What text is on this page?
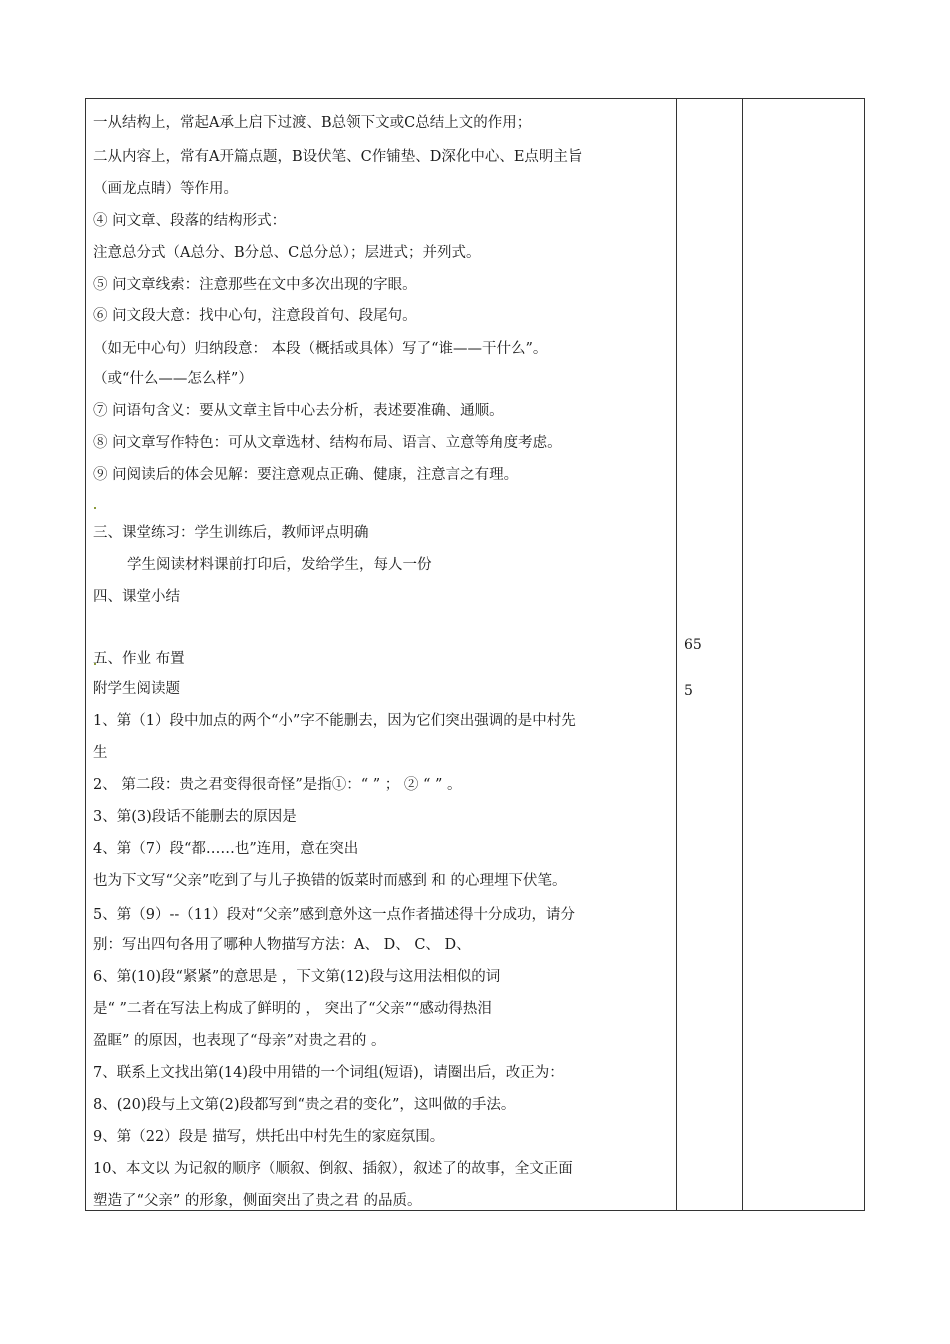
一从结构上，常起A承上启下过渡、B总领下文或C总结上文的作用；
二从内容上，常有A开篇点题，B设伏笔、C作铺垫、D深化中心、E点明主旨
（画龙点睛）等作用。
④ 问文章、段落的结构形式：
注意总分式（A总分、B分总、C总分总）；层进式；并列式。
⑤ 问文章线索：注意那些在文中多次出现的字眼。
⑥ 问文段大意：找中心句，注意段首句、段尾句。
（如无中心句）归纳段意： 本段（概括或具体）写了“谁——干什么”。
（或“什么——怎么样”）
⑦ 问语句含义：要从文章主旨中心去分析，表述要准确、通顺。
⑧ 问文章写作特色：可从文章选材、结构布局、语言、立意等角度考虑。
⑨ 问阅读后的体会见解：要注意观点正确、健康，注意言之有理。
三、课堂练习：学生训练后，教师评点明确
学生阅读材料课前打印后，发给学生，每人一份
四、课堂小结
五、作业 布置
附学生阅读题
1、第（1）段中加点的两个“小”字不能删去，因为它们突出强调的是中村先
生
2、 第二段：贵之君变得很奇怪”是指①：“ ” ； ② “ ” 。
3、第(3)段话不能删去的原因是
4、第（7）段“都……也”连用，意在突出
也为下文写“父亲”吃到了与儿子换错的饭菜时而感到 和 的心理埋下伏笔。
5、第（9）--（11）段对“父亲”感到意外这一点作者描述得十分成功，请分
别：写出四句各用了哪种人物描写方法：A、 D、 C、 D、
6、第(10)段“紧紧”的意思是 ，下文第(12)段与这用法相似的词
是“ ”二者在写法上构成了鲜明的 ， 突出了“父亲”“感动得热泪
盈眶” 的原因，也表现了“母亲”对贵之君的 。
7、联系上文找出第(14)段中用错的一个词组(短语)，请圈出后，改正为：
8、(20)段与上文第(2)段都写到“贵之君的变化”，这叫做的手法。
9、第（22）段是 描写，烘托出中村先生的家庭氛围。
10、本文以 为记叙的顺序（顺叙、倒叙、插叙），叙述了的故事，全文正面
塑造了“父亲” 的形象，侧面突出了贵之君 的品质。
65
5
